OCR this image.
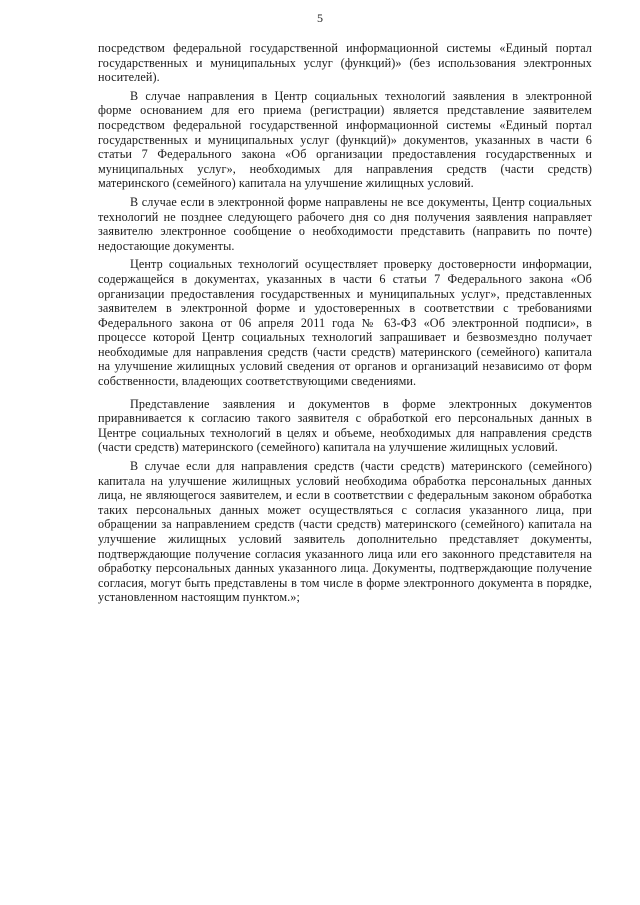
5

посредством федеральной государственной информационной системы «Единый портал государственных и муниципальных услуг (функций)» (без использования электронных носителей).

В случае направления в Центр социальных технологий заявления в электронной форме основанием для его приема (регистрации) является представление заявителем посредством федеральной государственной информационной системы «Единый портал государственных и муниципальных услуг (функций)» документов, указанных в части 6 статьи 7 Федерального закона «Об организации предоставления государственных и муниципальных услуг», необходимых для направления средств (части средств) материнского (семейного) капитала на улучшение жилищных условий.

В случае если в электронной форме направлены не все документы, Центр социальных технологий не позднее следующего рабочего дня со дня получения заявления направляет заявителю электронное сообщение о необходимости представить (направить по почте) недостающие документы.

Центр социальных технологий осуществляет проверку достоверности информации, содержащейся в документах, указанных в части 6 статьи 7 Федерального закона «Об организации предоставления государственных и муниципальных услуг», представленных заявителем в электронной форме и удостоверенных в соответствии с требованиями Федерального закона от 06 апреля 2011 года № 63-ФЗ «Об электронной подписи», в процессе которой Центр социальных технологий запрашивает и безвозмездно получает необходимые для направления средств (части средств) материнского (семейного) капитала на улучшение жилищных условий сведения от органов и организаций независимо от форм собственности, владеющих соответствующими сведениями.

Представление заявления и документов в форме электронных документов приравнивается к согласию такого заявителя с обработкой его персональных данных в Центре социальных технологий в целях и объеме, необходимых для направления средств (части средств) материнского (семейного) капитала на улучшение жилищных условий.

В случае если для направления средств (части средств) материнского (семейного) капитала на улучшение жилищных условий необходима обработка персональных данных лица, не являющегося заявителем, и если в соответствии с федеральным законом обработка таких персональных данных может осуществляться с согласия указанного лица, при обращении за направлением средств (части средств) материнского (семейного) капитала на улучшение жилищных условий заявитель дополнительно представляет документы, подтверждающие получение согласия указанного лица или его законного представителя на обработку персональных данных указанного лица. Документы, подтверждающие получение согласия, могут быть представлены в том числе в форме электронного документа в порядке, установленном настоящим пунктом.»;
